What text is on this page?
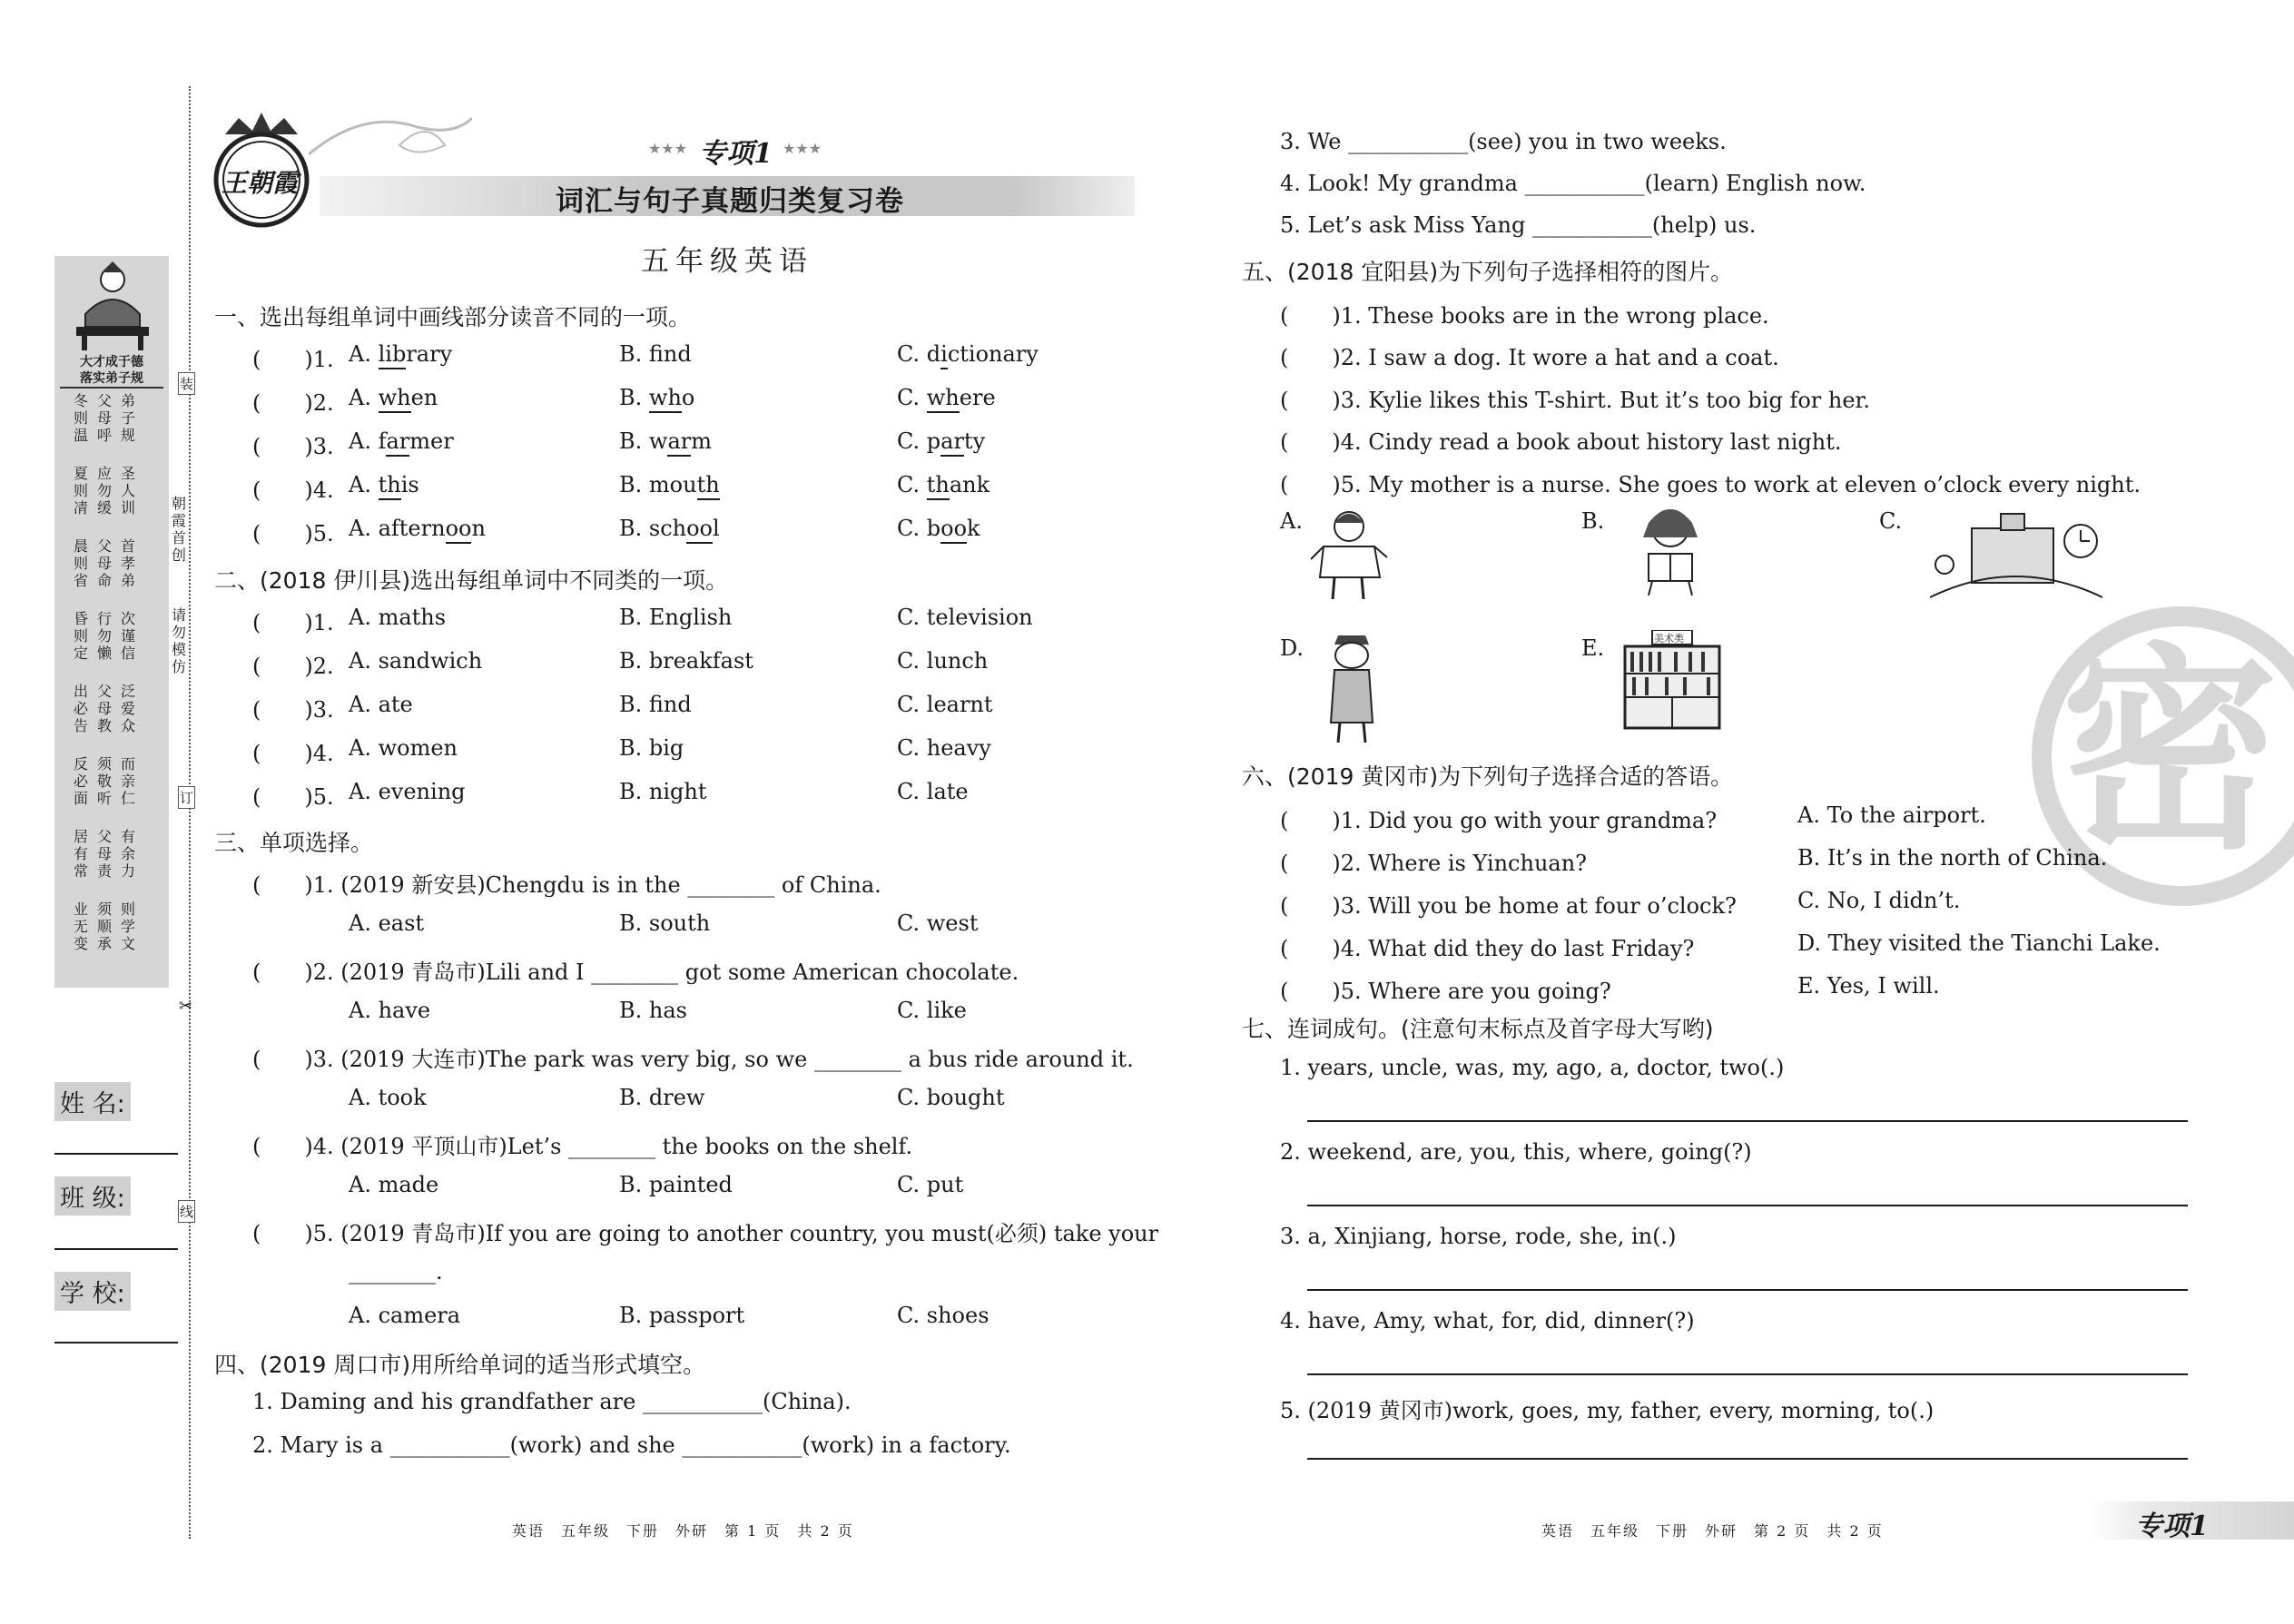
大才成于德
落实弟子规
冬则温
父母呼
弟子规
夏则凊
应勿缓
圣人训
晨则省
父母命
首孝弟
昏则定
行勿懒
次谨信
出必告
父母教
泛爱众
反必面
须敬听
而亲仁
居有常
父母责
有余力
业无变
须顺承
则学文
朝霞首创
请勿模仿
装
订
线
✂
姓 名:
班 级:
学 校:
王朝霞
★★★ 专项1 ★★★
词汇与句子真题归类复习卷
五年级英语
一、选出每组单词中画线部分读音不同的一项。
(　　)1. A. library	B. fnd	C. dictionary
(　　)2. A. when	B. who	C. where
(　　)3. A. farmer	B. warm	C. party
(　　)4. A. this	B. mouth	C. thank
(　　)5. A. afternoon	B. school	C. book
二、(2018 伊川县)选出每组单词中不同类的一项。
(　　)1. A. maths	B. English	C. television
(　　)2. A. sandwich	B. breakfast	C. lunch
(　　)3. A. ate	B. find	C. learnt
(　　)4. A. women	B. big	C. heavy
(　　)5. A. evening	B. night	C. late
三、单项选择。
(　　)1. (2019 新安县)Chengdu is in the ________ of China.
A. east	B. south	C. west
(　　)2. (2019 青岛市)Lili and I ________ got some American chocolate.
A. have	B. has	C. like
(　　)3. (2019 大连市)The park was very big, so we ________ a bus ride around it.
A. took	B. drew	C. bought
(　　)4. (2019 平顶山市)Let’s ________ the books on the shelf.
A. made	B. painted	C. put
(　　)5. (2019 青岛市)If you are going to another country, you must(必须) take your
________.
A. camera	B. passport	C. shoes
四、(2019 周口市)用所给单词的适当形式填空。
1. Daming and his grandfather are ___________(China).
2. Mary is a ___________(work) and she ___________(work) in a factory.
英语　五年级　下册　外研　第 1 页　共 2 页
3. We ___________(see) you in two weeks.
4. Look! My grandma ___________(learn) English now.
5. Let’s ask Miss Yang ___________(help) us.
五、(2018 宜阳县)为下列句子选择相符的图片。
(　　)1. These books are in the wrong place.
(　　)2. I saw a dog. It wore a hat and a coat.
(　　)3. Kylie likes this T-shirt. But it’s too big for her.
(　　)4. Cindy read a book about history last night.
(　　)5. My mother is a nurse. She goes to work at eleven o’clock every night.
A.	B.	C.
D.	E.	美术类 密
六、(2019 黄冈市)为下列句子选择合适的答语。
(　　)1. Did you go with your grandma?	A. To the airport.
(　　)2. Where is Yinchuan?	B. It’s in the north of China.
(　　)3. Will you be home at four o’clock?	C. No, I didn’t.
(　　)4. What did they do last Friday?	D. They visited the Tianchi Lake.
(　　)5. Where are you going?	E. Yes, I will.
七、连词成句。(注意句末标点及首字母大写哟)
1. years, uncle, was, my, ago, a, doctor, two(.)
2. weekend, are, you, this, where, going(?)
3. a, Xinjiang, horse, rode, she, in(.)
4. have, Amy, what, for, did, dinner(?)
5. (2019 黄冈市)work, goes, my, father, every, morning, to(.)
英语　五年级　下册　外研　第 2 页　共 2 页	专项1
